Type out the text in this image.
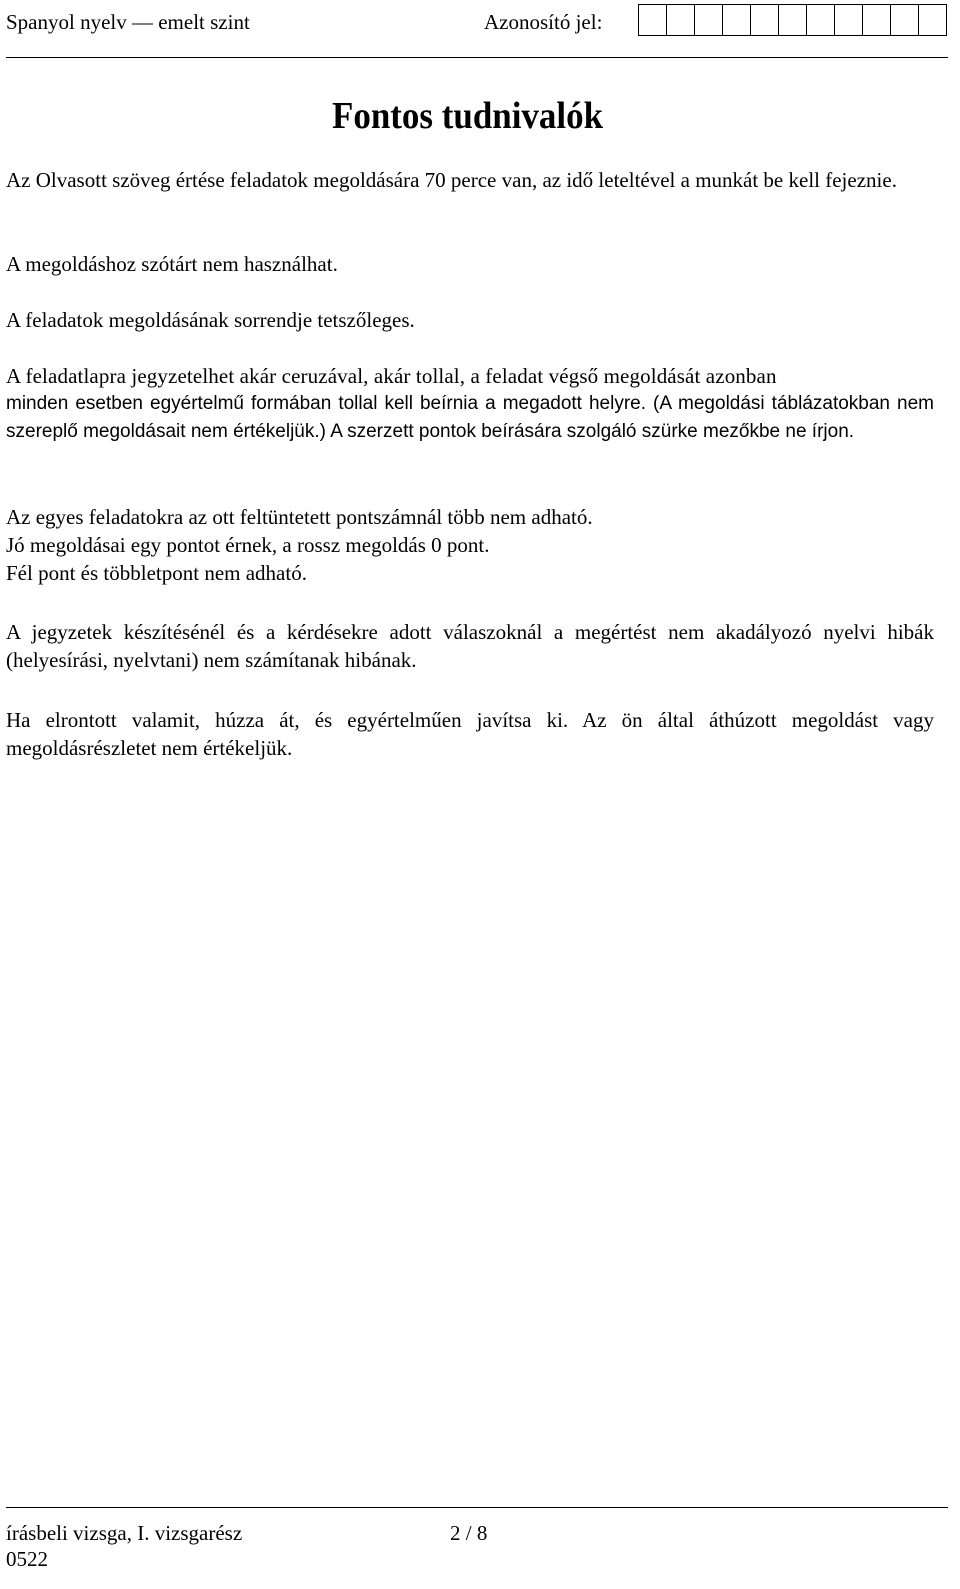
Spanyol nyelv — emelt szint	Azonosító jel:
Fontos tudnivalók

Az Olvasott szöveg értése feladatok megoldására 70 perce van, az idő leteltével a munkát be kell fejeznie.

A megoldáshoz szótárt nem használhat.

A feladatok megoldásának sorrendje tetszőleges.

A feladatlapra jegyzetelhet akár ceruzával, akár tollal, a feladat végső megoldását azonban
minden esetben egyértelmű formában tollal kell beírnia a megadott helyre. (A megoldási táblázatokban nem szereplő megoldásait nem értékeljük.) A szerzett pontok beírására szolgáló szürke mezőkbe ne írjon.
Az egyes feladatokra az ott feltüntetett pontszámnál több nem adható.
Jó megoldásai egy pontot érnek, a rossz megoldás 0 pont.
Fél pont és többletpont nem adható.

A jegyzetek készítésénél és a kérdésekre adott válaszoknál a megértést nem akadályozó nyelvi hibák (helyesírási, nyelvtani) nem számítanak hibának.

Ha elrontott valamit, húzza át, és egyértelműen javítsa ki. Az ön által áthúzott megoldást vagy megoldásrészletet nem értékeljük.

írásbeli vizsga, I. vizsgarész
0522
2 / 8
